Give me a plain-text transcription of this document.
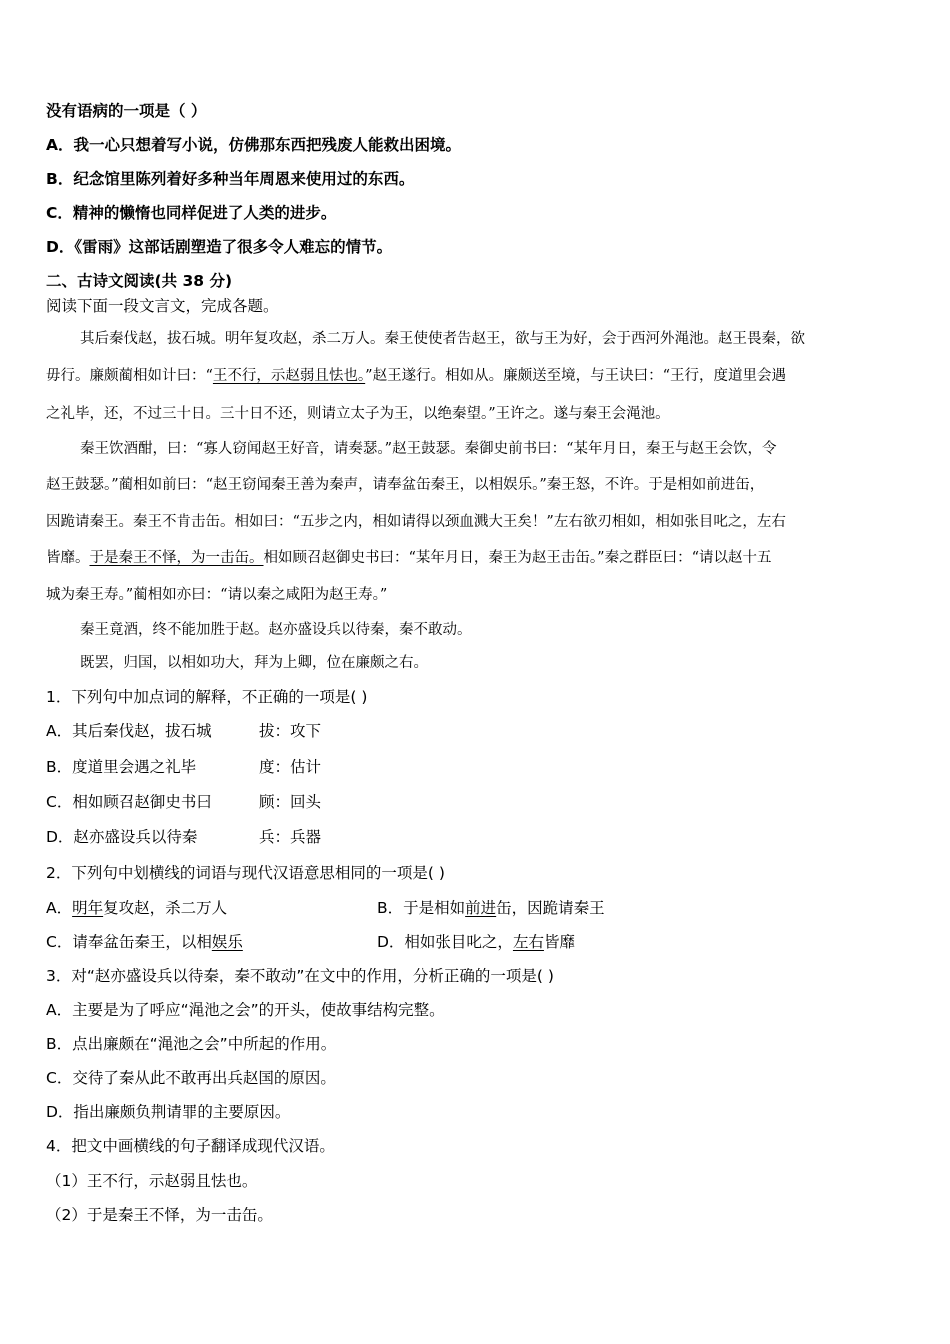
没有语病的一项是（ ）
A．我一心只想着写小说，仿佛那东西把残废人能救出困境。
B．纪念馆里陈列着好多种当年周恩来使用过的东西。
C．精神的懒惰也同样促进了人类的进步。
D．《雷雨》这部话剧塑造了很多令人难忘的情节。
二、古诗文阅读(共 38 分)
阅读下面一段文言文，完成各题。
其后秦伐赵，拔石城。明年复攻赵，杀二万人。秦王使使者告赵王，欲与王为好，会于西河外渑池。赵王畏秦，欲
毋行。廉颇蔺相如计曰：“王不行，示赵弱且怯也。”赵王遂行。相如从。廉颇送至境，与王诀曰：“王行，度道里会遇
之礼毕，还，不过三十日。三十日不还，则请立太子为王，以绝秦望。”王许之。遂与秦王会渑池。
秦王饮酒酣，曰：“寡人窃闻赵王好音，请奏瑟。”赵王鼓瑟。秦御史前书曰：“某年月日，秦王与赵王会饮，令
赵王鼓瑟。”蔺相如前曰：“赵王窃闻秦王善为秦声，请奉盆缶秦王，以相娱乐。”秦王怒，不许。于是相如前进缶，
因跪请秦王。秦王不肯击缶。相如曰：“五步之内，相如请得以颈血溅大王矣！”左右欲刃相如，相如张目叱之，左右
皆靡。于是秦王不怿，为一击缶。相如顾召赵御史书曰：“某年月日，秦王为赵王击缶。”秦之群臣曰：“请以赵十五
城为秦王寿。”蔺相如亦曰：“请以秦之咸阳为赵王寿。”
秦王竟酒，终不能加胜于赵。赵亦盛设兵以待秦，秦不敢动。
既罢，归国，以相如功大，拜为上卿，位在廉颇之右。
1．下列句中加点词的解释，不正确的一项是( )
A．其后秦伐赵，拔石城	拔：攻下
B．度道里会遇之礼毕	度：估计
C．相如顾召赵御史书曰	顾：回头
D．赵亦盛设兵以待秦	兵：兵器
2．下列句中划横线的词语与现代汉语意思相同的一项是( )
A．明年复攻赵，杀二万人	B．于是相如前进缶，因跪请秦王
C．请奉盆缶秦王，以相娱乐	D．相如张目叱之，左右皆靡
3．对“赵亦盛设兵以待秦，秦不敢动”在文中的作用，分析正确的一项是( )
A．主要是为了呼应“渑池之会”的开头，使故事结构完整。
B．点出廉颇在“渑池之会”中所起的作用。
C．交待了秦从此不敢再出兵赵国的原因。
D．指出廉颇负荆请罪的主要原因。
4．把文中画横线的句子翻译成现代汉语。
（1）王不行，示赵弱且怯也。
（2）于是秦王不怿，为一击缶。
